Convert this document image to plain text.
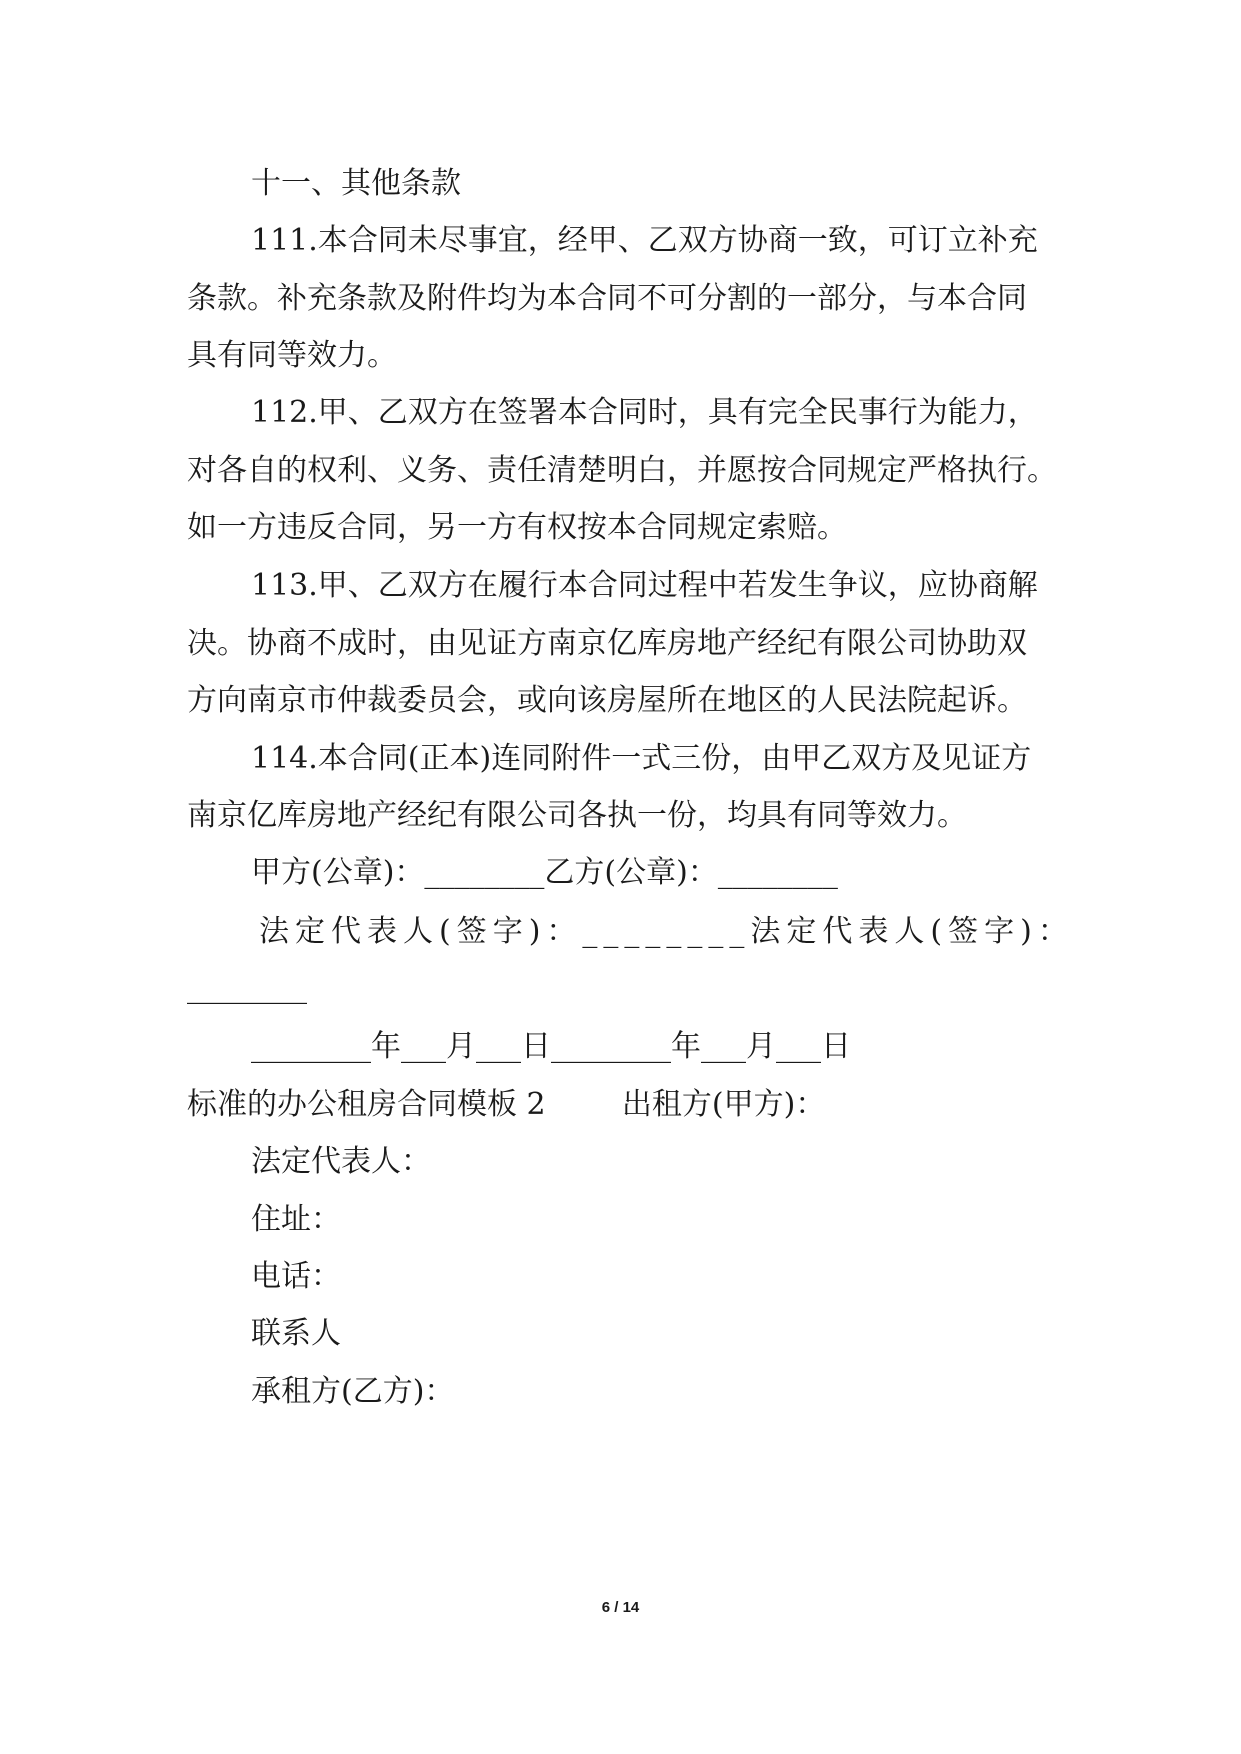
十一、其他条款
111.本合同未尽事宜，经甲、乙双方协商一致，可订立补充
条款。补充条款及附件均为本合同不可分割的一部分，与本合同
具有同等效力。
112.甲、乙双方在签署本合同时，具有完全民事行为能力，
对各自的权利、义务、责任清楚明白，并愿按合同规定严格执行。
如一方违反合同，另一方有权按本合同规定索赔。
113.甲、乙双方在履行本合同过程中若发生争议，应协商解
决。协商不成时，由见证方南京亿库房地产经纪有限公司协助双
方向南京市仲裁委员会，或向该房屋所在地区的人民法院起诉。
114.本合同(正本)连同附件一式三份，由甲乙双方及见证方
南京亿库房地产经纪有限公司各执一份，均具有同等效力。
甲方(公章)：________乙方(公章)：________
法定代表人(签字)：________法定代表人(签字)：
________
________年___月___日________年___月___日
标准的办公租房合同模板 2        出租方(甲方)：
法定代表人：
住址：
电话：
联系人
承租方(乙方)：
6 / 14
